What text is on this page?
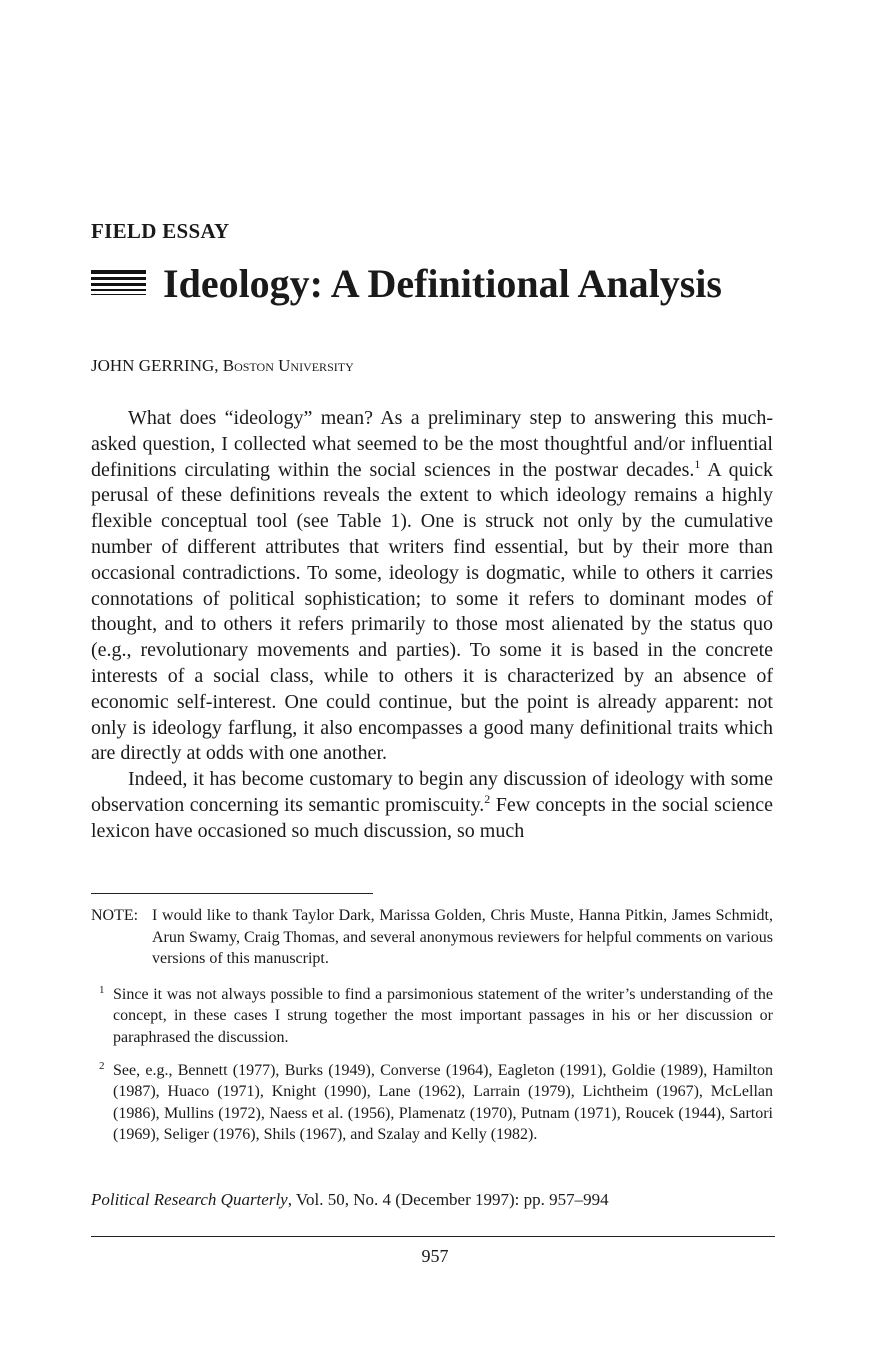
FIELD ESSAY
Ideology: A Definitional Analysis

JOHN GERRING, Boston University

What does “ideology” mean? As a preliminary step to answering this much-asked question, I collected what seemed to be the most thoughtful and/or influential definitions circulating within the social sciences in the postwar decades.$^1$ A quick perusal of these definitions reveals the extent to which ideology remains a highly flexible conceptual tool (see Table 1). One is struck not only by the cumulative number of different attributes that writers find essential, but by their more than occasional contradictions. To some, ideology is dogmatic, while to others it carries connotations of political sophistication; to some it refers to dominant modes of thought, and to others it refers primarily to those most alienated by the status quo (e.g., revolutionary movements and parties). To some it is based in the concrete interests of a social class, while to others it is characterized by an absence of economic self-interest. One could continue, but the point is already apparent: not only is ideology farflung, it also encompasses a good many definitional traits which are directly at odds with one another.

Indeed, it has become customary to begin any discussion of ideology with some observation concerning its semantic promiscuity.$^2$ Few concepts in the social science lexicon have occasioned so much discussion, so much

NOTE: I would like to thank Taylor Dark, Marissa Golden, Chris Muste, Hanna Pitkin, James Schmidt, Arun Swamy, Craig Thomas, and several anonymous reviewers for helpful comments on various versions of this manuscript.
1 Since it was not always possible to find a parsimonious statement of the writer’s understanding of the concept, in these cases I strung together the most important passages in his or her discussion or paraphrased the discussion.
2 See, e.g., Bennett (1977), Burks (1949), Converse (1964), Eagleton (1991), Goldie (1989), Hamilton (1987), Huaco (1971), Knight (1990), Lane (1962), Larrain (1979), Lichtheim (1967), McLellan (1986), Mullins (1972), Naess et al. (1956), Plamenatz (1970), Putnam (1971), Roucek (1944), Sartori (1969), Seliger (1976), Shils (1967), and Szalay and Kelly (1982).

Political Research Quarterly, Vol. 50, No. 4 (December 1997): pp. 957–994

957
